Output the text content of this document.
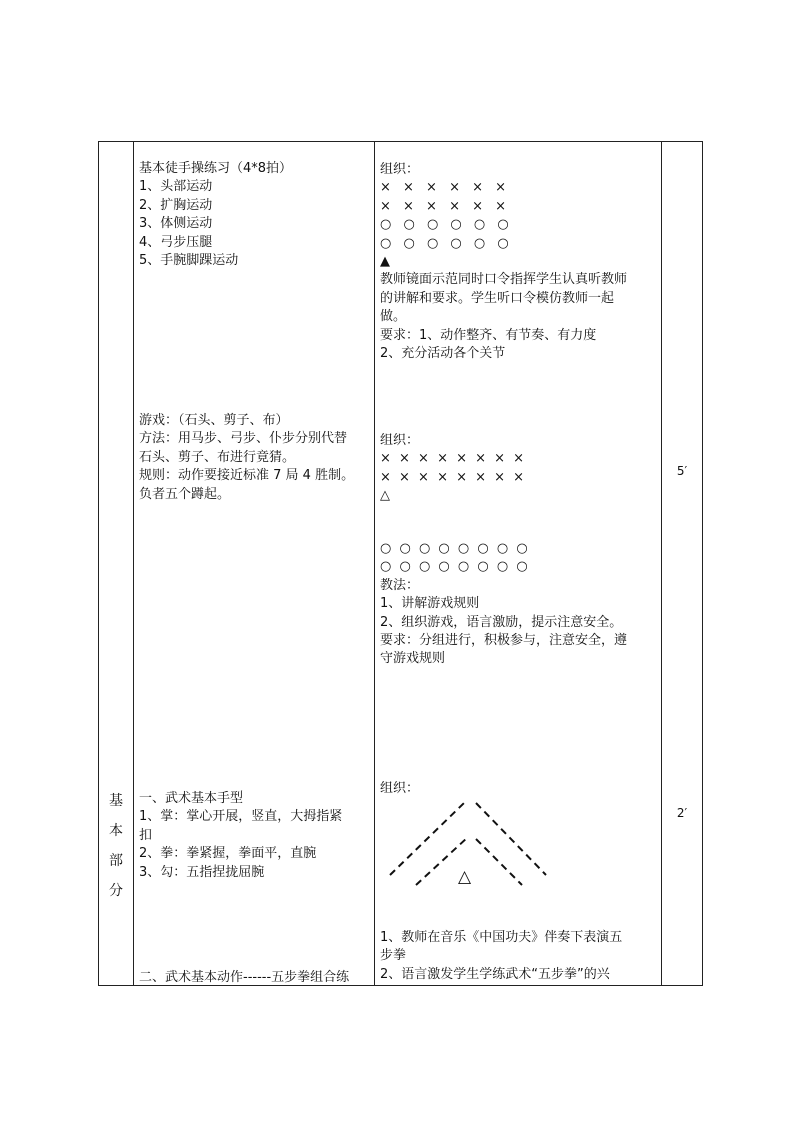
基
本
部
分
基本徒手操练习（4*8拍）
1、头部运动
2、扩胸运动
3、体侧运动
4、弓步压腿
5、手腕脚踝运动
游戏：（石头、剪子、布）
方法：用马步、弓步、仆步分别代替
石头、剪子、布进行竟猜。
规则：动作要接近标准 7 局 4 胜制。
负者五个蹲起。
一、武术基本手型
1、掌：掌心开展，竖直，大拇指紧
扣
2、拳：拳紧握，拳面平，直腕
3、勾：五指捏拢屈腕
二、武术基本动作------五步拳组合练
组织：
× × × × × ×
× × × × × ×
○ ○ ○ ○ ○ ○
○ ○ ○ ○ ○ ○
▲
教师镜面示范同时口令指挥学生认真听教师
的讲解和要求。学生听口令模仿教师一起
做。
要求：1、动作整齐、有节奏、有力度
2、充分活动各个关节
组织：
× × × × × × × ×
× × × × × × × ×
△
○ ○ ○ ○ ○ ○ ○ ○
○ ○ ○ ○ ○ ○ ○ ○
教法：
1、讲解游戏规则
2、组织游戏，语言激励，提示注意安全。
要求：分组进行，积极参与，注意安全，遵
守游戏规则
组织：
△
1、教师在音乐《中国功夫》伴奏下表演五
步拳
2、语言激发学生学练武术“五步拳”的兴
5′
2′
